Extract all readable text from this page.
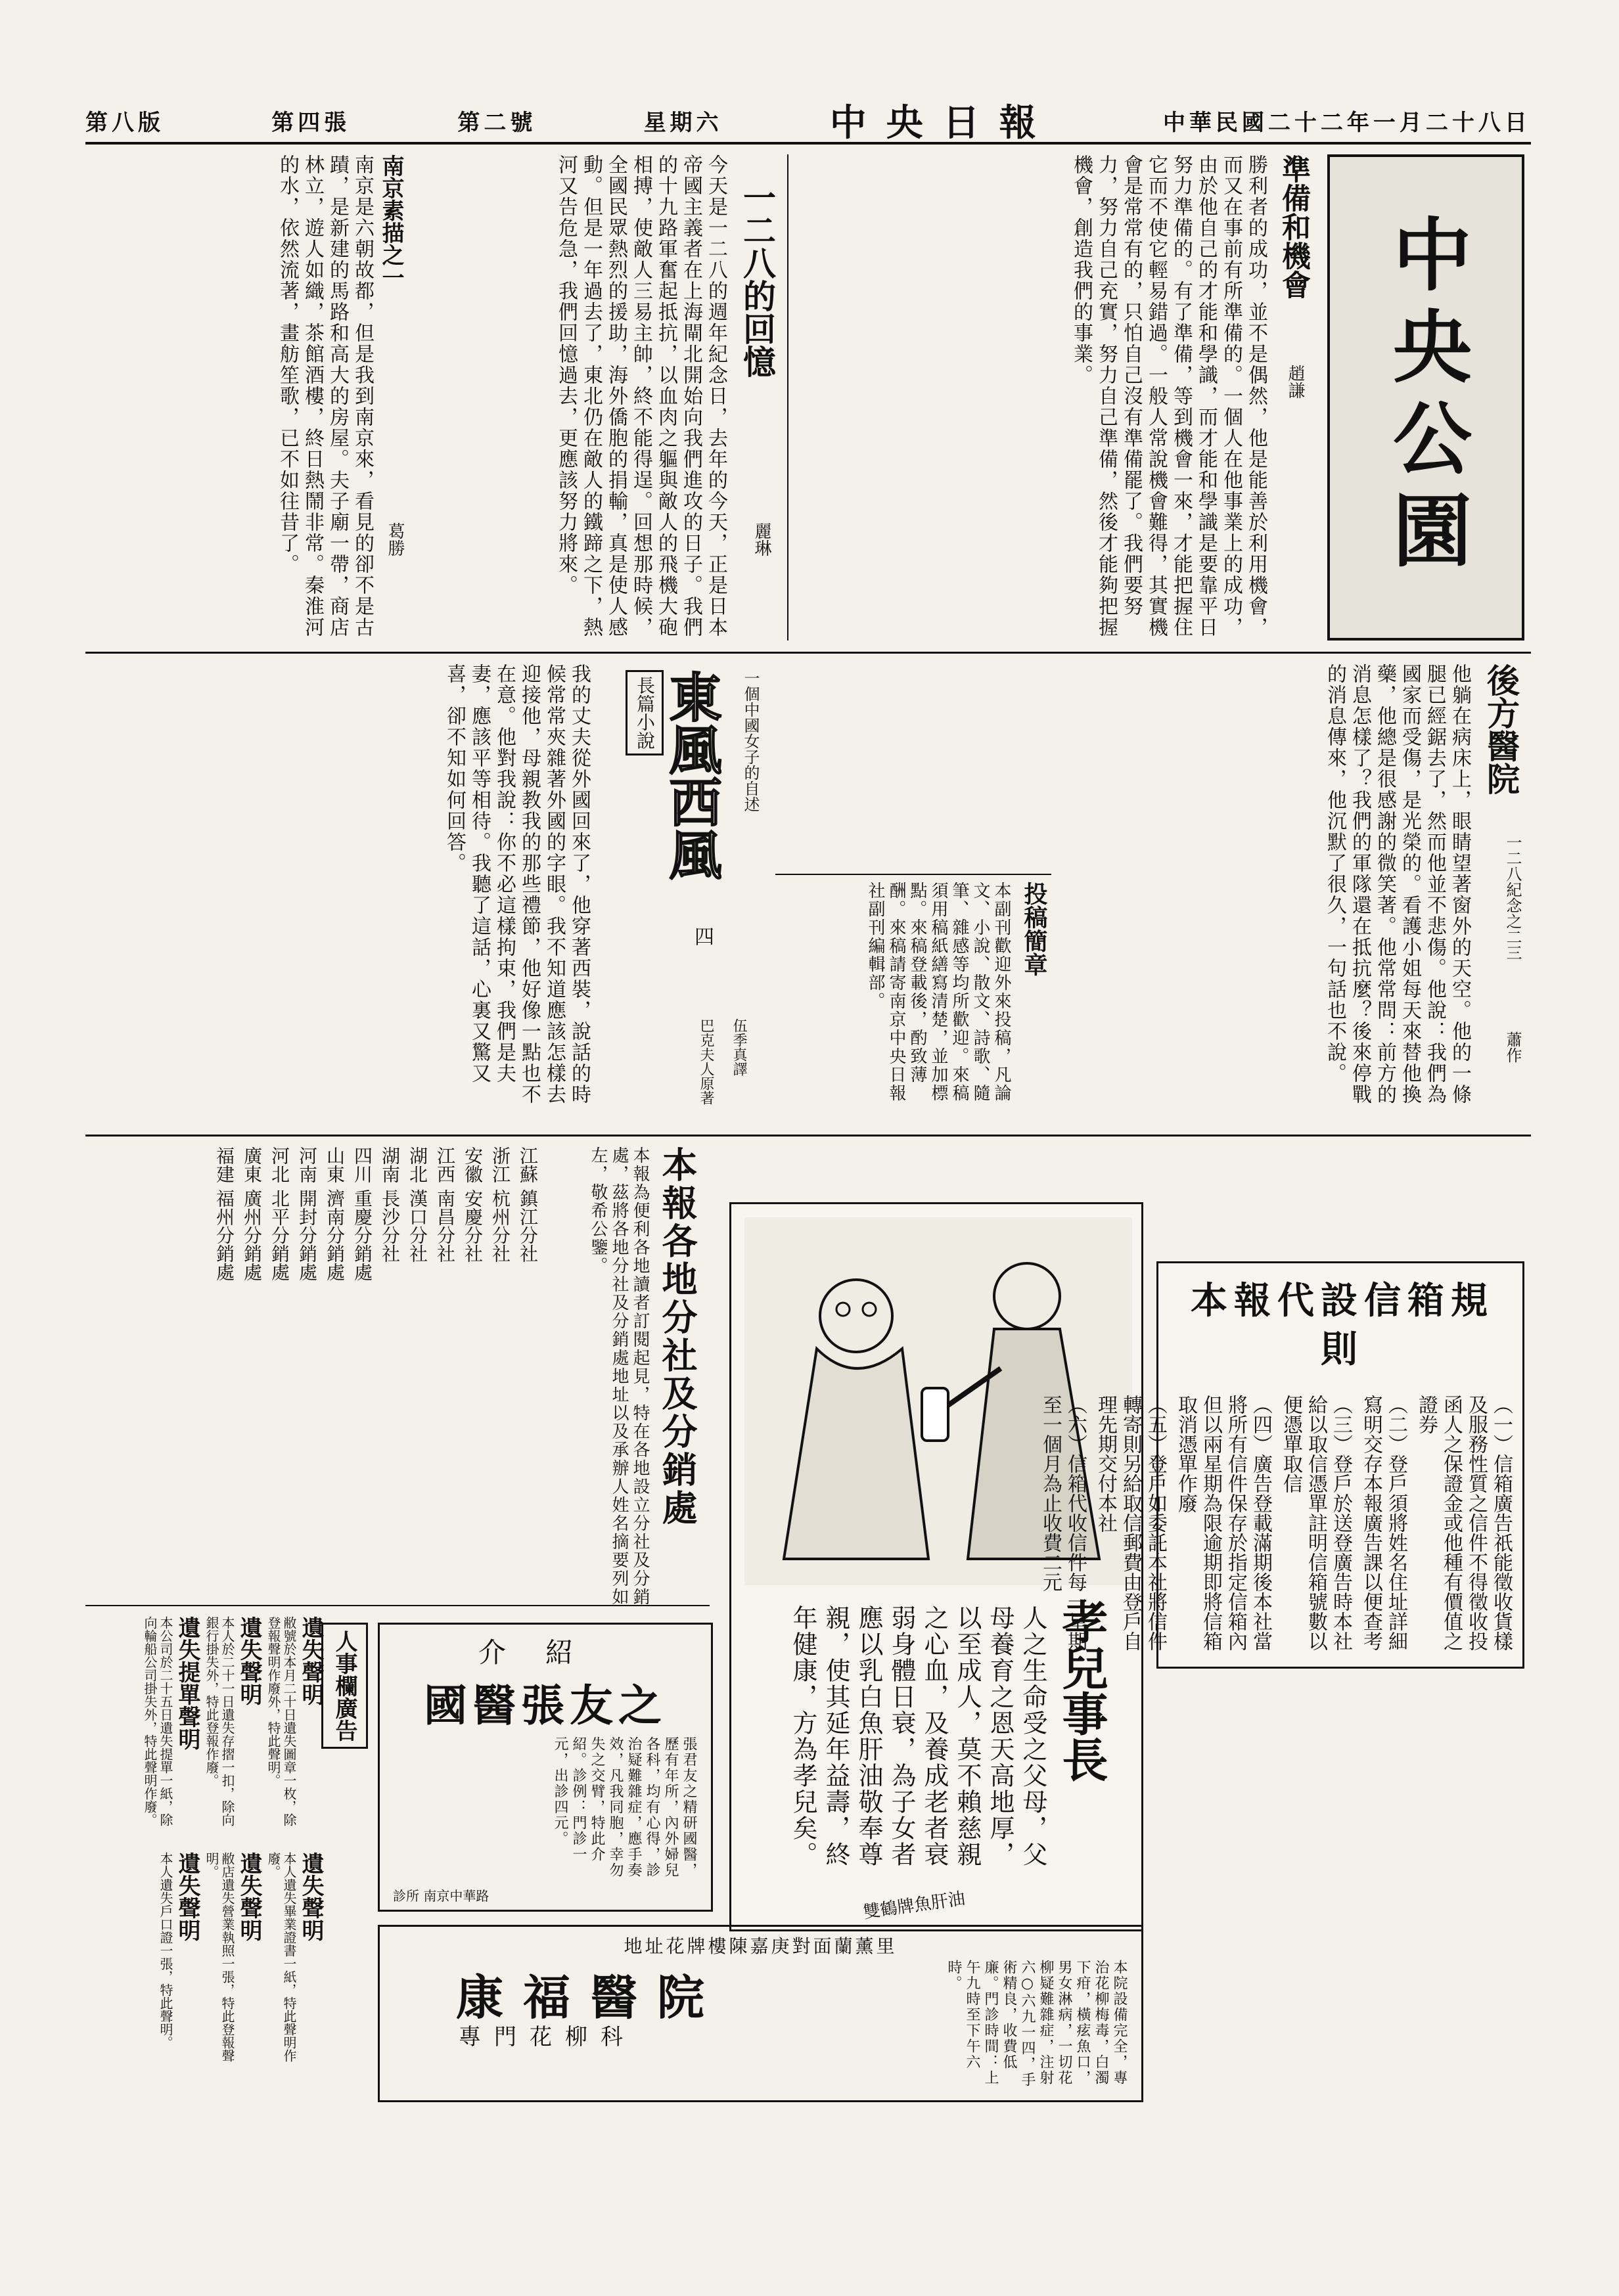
第八版	第四張	第二號	星期六	中央日報	中華民國二十二年一月二十八日
中央公園
準備和機會
趙謙
勝利者的成功，並不是偶然，他是能善於利用機會，而又在事前有所準備的。一個人在他事業上的成功，由於他自己的才能和學識，而才能和學識是要靠平日努力準備的。有了準備，等到機會一來，才能把握住它而不使它輕易錯過。一般人常說機會難得，其實機會是常常有的，只怕自己沒有準備罷了。我們要努力，努力自己充實，努力自己準備，然後才能夠把握機會，創造我們的事業。
一二八的回憶
麗琳
今天是一二八的週年紀念日，去年的今天，正是日本帝國主義者在上海閘北開始向我們進攻的日子。我們的十九路軍奮起抵抗，以血肉之軀與敵人的飛機大砲相搏，使敵人三易主帥，終不能得逞。回想那時候，全國民眾熱烈的援助，海外僑胞的捐輸，真是使人感動。但是一年過去了，東北仍在敵人的鐵蹄之下，熱河又告危急，我們回憶過去，更應該努力將來。
南京素描之一
葛勝
南京是六朝故都，但是我到南京來，看見的卻不是古蹟，是新建的馬路和高大的房屋。夫子廟一帶，商店林立，遊人如織，茶館酒樓，終日熱鬧非常。秦淮河的水，依然流著，畫舫笙歌，已不如往昔了。
後方醫院
一二八紀念之二三
蕭作
他躺在病床上，眼睛望著窗外的天空。他的一條腿已經鋸去了，然而他並不悲傷。他說：我們為國家而受傷，是光榮的。看護小姐每天來替他換藥，他總是很感謝的微笑著。他常常問：前方的消息怎樣了？我們的軍隊還在抵抗麼？後來停戰的消息傳來，他沉默了很久，一句話也不說。
投稿簡章
本副刊歡迎外來投稿，凡論文、小說、散文、詩歌、隨筆、雜感等均所歡迎。來稿須用稿紙繕寫清楚，並加標點。來稿登載後，酌致薄酬。來稿請寄南京中央日報社副刊編輯部。
長篇小說 東風西風
四
一個中國女子的自述
巴克夫人原著 伍季真譯
我的丈夫從外國回來了，他穿著西裝，說話的時候常常夾雜著外國的字眼。我不知道應該怎樣去迎接他，母親教我的那些禮節，他好像一點也不在意。他對我說：你不必這樣拘束，我們是夫妻，應該平等相待。我聽了這話，心裏又驚又喜，卻不知如何回答。
本報各地分社及分銷處
本報為便利各地讀者訂閱起見，特在各地設立分社及分銷處，茲將各地分社及分銷處地址以及承辦人姓名摘要列如左，敬希公鑒。
江蘇 鎮江分社
浙江 杭州分社
安徽 安慶分社
江西 南昌分社
湖北 漢口分社
湖南 長沙分社
四川 重慶分銷處
山東 濟南分銷處
河南 開封分銷處
河北 北平分銷處
廣東 廣州分銷處
福建 福州分銷處
孝兒事長
人之生命受之父母，父母養育之恩天高地厚，以至成人，莫不賴慈親之心血，及養成老者衰弱身體日衰，為子女者應以乳白魚肝油敬奉尊親，使其延年益壽，終年健康，方為孝兒矣。
雙鶴牌魚肝油
本報代設信箱規則
（一）信箱廣告祇能徵收貨樣及服務性質之信件不得徵收投函人之保證金或他種有價值之證券
（二）登戶須將姓名住址詳細寫明交存本報廣告課以便查考
（三）登戶於送登廣告時本社給以取信憑單註明信箱號數以便憑單取信
（四）廣告登載滿期後本社當將所有信件保存於指定信箱內但以兩星期為限逾期即將信箱取消憑單作廢
（五）登戶如委託本社將信件轉寄則另給取信郵費由登戶自理先期交付本社
（六）信箱代收信件每一星期至一個月為止收費二元
人事欄廣告
遺失聲明
敝號於本月二十日遺失圖章一枚，除登報聲明作廢外，特此聲明。
遺失聲明
本人於二十一日遺失存摺一扣，除向銀行掛失外，特此登報作廢。
遺失提單聲明
本公司於二十五日遺失提單一紙，除向輪船公司掛失外，特此聲明作廢。
遺失聲明
本人遺失畢業證書一紙，特此聲明作廢。
遺失聲明
敝店遺失營業執照一張，特此登報聲明。
遺失聲明
本人遺失戶口證一張，特此聲明。
介紹
國醫張友之
張君友之精研國醫，歷有年所，內外婦兒各科，均有心得，診治疑難雜症，應手奏效，凡我同胞，幸勿失之交臂，特此介紹。診例：門診一元，出診四元。
診所 南京中華路
地址花牌樓陳嘉庚對面蘭薰里
康福醫院
專門花柳科	本院設備完全，專治花柳梅毒，白濁下疳，橫痃魚口，男女淋病，一切花柳疑難雜症，注射六○六九一四，手術精良，收費低廉。門診時間：上午九時至下午六時。
